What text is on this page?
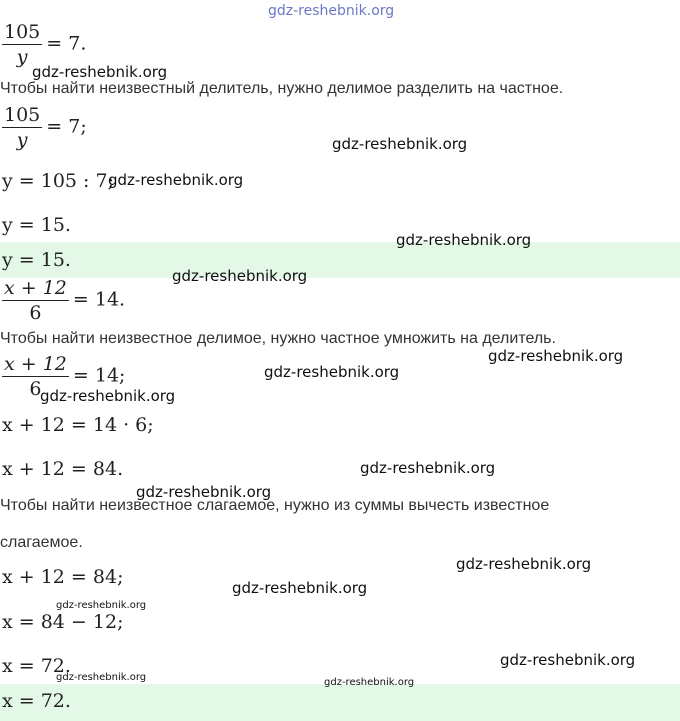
$\frac{105}{y} = 7$.
Чтобы найти неизвестный делитель, нужно делимое разделить на частное.
$\frac{105}{y} = 7$;
y = 105 : 7;
y = 15.
y = 15.
$\frac{x + 12}{6} = 14$.
Чтобы найти неизвестное делимое, нужно частное умножить на делитель.
$\frac{x + 12}{6} = 14$;
x + 12 = 14 · 6;
x + 12 = 84.
Чтобы найти неизвестное слагаемое, нужно из суммы вычесть известное
слагаемое.
x + 12 = 84;
x = 84 − 12;
x = 72.
x = 72.
gdz-reshebnik.org
gdz-reshebnik.org
gdz-reshebnik.org
gdz-reshebnik.org
gdz-reshebnik.org
gdz-reshebnik.org
gdz-reshebnik.org
gdz-reshebnik.org
gdz-reshebnik.org
gdz-reshebnik.org
gdz-reshebnik.org
gdz-reshebnik.org
gdz-reshebnik.org
gdz-reshebnik.org
gdz-reshebnik.org
gdz-reshebnik.org	gdz-reshebnik.org
